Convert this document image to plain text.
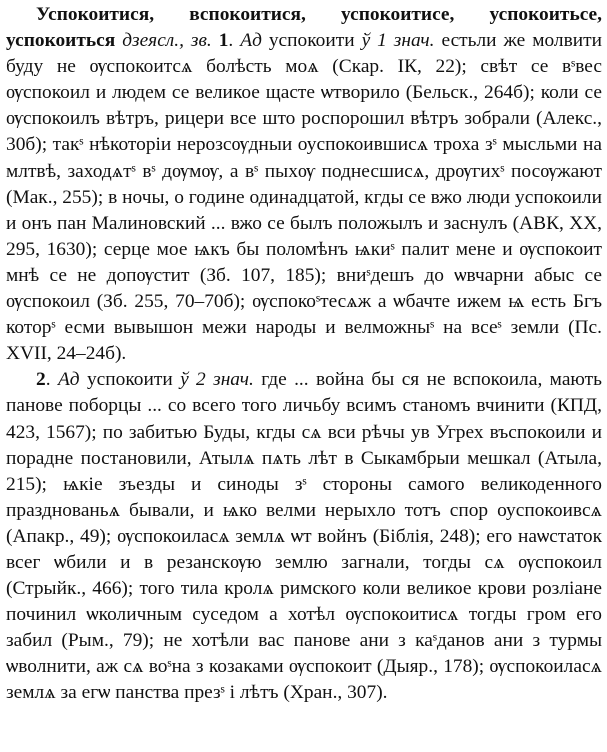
Успокоитися, вспокоитися, успокоитисе, успокоитьсе, успокоиться дзеясл., зв. 1. Ад успокоити ў 1 знач. естьли же молвити буду не ѹспокоитсѧ болѣсть моѧ (Скар. ІК, 22); свѣт се вˢвес ѹспокоил и людем се великое щасте ѡтворило (Бельск., 264б); коли се ѹспокоилъ вѣтръ, рицери все што роспорошил вѣтръ зобрали (Алекс., 30б); такˢ нѣкоторіи нерозсѹдныи оуспокоившисѧ троха зˢ мысльми на млтвѣ, заходѧтˢ вˢ дѹмѹ, а вˢ пыхѹ поднесшисѧ, дрѹгихˢ посѹжают (Мак., 255); в ночы, о године одинадцатой, кгды се вжо люди успокоили и онъ пан Малиновский ... вжо се былъ положылъ и заснулъ (АВК, ХХ, 295, 1630); серце мое ѩкъ бы поломѣнъ ѩкиˢ палит мене и ѹспокоит мнѣ се не допѹстит (Зб. 107, 185); вниˢдешъ до ѡвчарни абыс се ѹспокоил (Зб. 255, 70–70б); ѹспокоˢтесѧж а ѡбачте ижем ѩ есть Бгъ которˢ есми вывышон межи народы и велможныˢ на всеˢ земли (Пс. XVII, 24–24б).

2. Ад успокоити ў 2 знач. где ... война бы ся не вспокоила, мають панове поборцы ... со всего того личьбу всимъ станомъ вчинити (КПД, 423, 1567); по забитью Буды, кгды сѧ вси рѣчы ув Угрех въспокоили и порадне постановили, Атылѧ пѧть лѣт в Сыкамбрыи мешкал (Атыла, 215); ѩкіе зъезды и синоды зˢ стороны самого великоденного празднованьѧ бывали, и ѩко велми нерыхло тотъ спор оуспокоивсѧ (Апакр., 49); ѹспокоиласѧ землѧ ѡт войнъ (Біблія, 248); его наѡстаток всег ѡбили и в резанскѹю землю загнали, тогды сѧ ѹспокоил (Стрыйк., 466); того тила кролѧ римского коли великое крови розліане починил ѡколичным суседом а хотѣл ѹспокоитисѧ тогды гром его забил (Рым., 79); не хотѣли вас панове ани з каˢданов ани з турмы ѡволнити, аж сѧ воˢна з козаками ѹспокоит (Дыяр., 178); ѹспокоиласѧ землѧ за егѡ панства презˢ і лѣтъ (Хран., 307).
